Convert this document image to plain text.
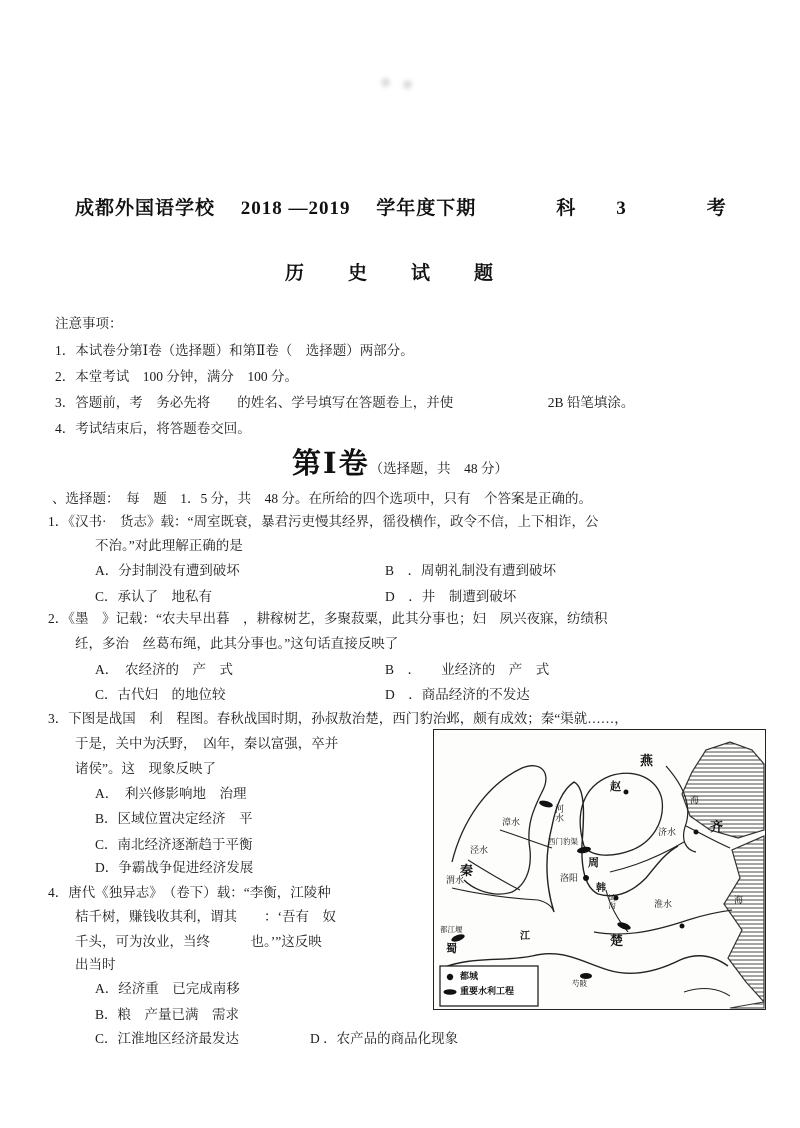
成都外国语学校　 2018 —2019 　学年度下期　　　　科　　3　　　　考
历　　史　　试　　题
注意事项：
1．本试卷分第Ⅰ卷（选择题）和第Ⅱ卷（　选择题）两部分。
2．本堂考试　100 分钟，满分　100 分。
3．答题前，考　务必先将　　的姓名、学号填写在答题卷上，并使　　　　　　　2B 铅笔填涂。
4．考试结束后，将答题卷交回。
第Ⅰ卷（选择题，共　48 分）
、选择题：　每　题　1．5 分，共　48 分。在所给的四个选项中，只有　个答案是正确的。
1．《汉书·　货志》载：“周室既衰，暴君污吏慢其经界，徭役横作，政令不信，上下相诈，公
不治。”对此理解正确的是
A．分封制没有遭到破坏	B　．周朝礼制没有遭到破坏
C．承认了　地私有	D　．井　制遭到破坏
2．《墨　》记载：“农夫早出暮　，耕稼树艺，多聚菽粟，此其分事也；妇　夙兴夜寐，纺绩积
纴，多治　丝葛布绳，此其分事也。”这句话直接反映了
A．　农经济的　产　式	B　．　　业经济的　产　式
C．古代妇　的地位较	D　．商品经济的不发达
3．下图是战国　利　程图。春秋战国时期，孙叔敖治楚，西门豹治邺，颇有成效；秦“渠就……，
于是，关中为沃野，　凶年，秦以富强，卒并
诸侯”。这　现象反映了
A．　利兴修影响地　治理
B．区域位置决定经济　平
C．南北经济逐渐趋于平衡
D．争霸战争促进经济发展
4．唐代《独异志》　（卷下）载：“李衡，江陵种
桔千树，赚钱收其利，谓其　　：‘吾有　奴
千头，可为汝业，当终　　　也。’”这反映
出当时
A．经济重　已完成南移
B．粮　产量已满　需求
C．江淮地区经济最发达	D ．农产品的商品化现象
燕
赵
齐
秦	周
韩
楚
蜀
海
海
河水
漳水
泾水
渭水
济水
淮水
鸿沟
江
洛阳
都江堰
西门豹渠
芍陂
都城
重要水利工程
